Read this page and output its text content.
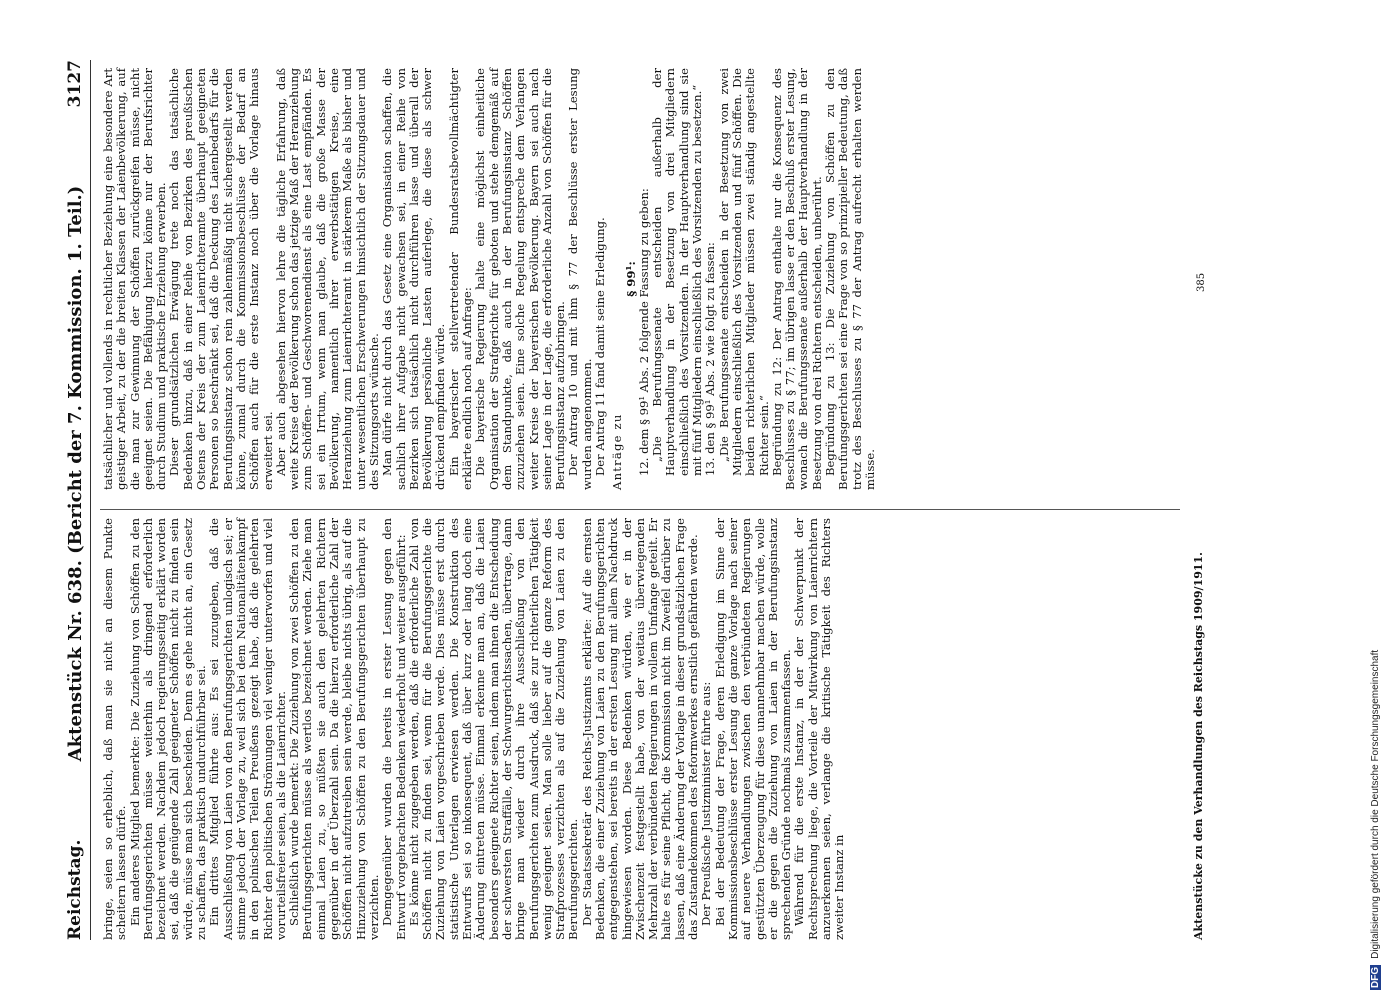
Reichstag.
Aktenstück Nr. 638. (Bericht der 7. Kommission. 1. Teil.)
3127

bringe, seien so erheblich, daß man sie nicht an diesem Punkte scheitern lassen dürfe. Ein anderes Mitglied bemerkte: Die Zuziehung von Schöffen zu den Berufungsgerichten müsse weiterhin als dringend erforderlich bezeichnet werden. Nachdem jedoch regierungsseitig erklärt worden sei, daß die genügende Zahl geeigneter Schöffen nicht zu finden sein würde, müsse man sich bescheiden. Denn es gehe nicht an, ein Gesetz zu schaffen, das praktisch undurchführbar sei. Ein drittes Mitglied führte aus: Es sei zuzugeben, daß die Ausschließung von Laien von den Berufungsgerichten unlogisch sei; er stimme jedoch der Vorlage zu, weil sich bei dem Nationalitätenkampf in den polnischen Teilen Preußens gezeigt habe, daß die gelehrten Richter den politischen Strömungen viel weniger unterworfen und viel vorurteilsfreier seien, als die Laienrichter. Schließlich wurde bemerkt: Die Zuziehung von zwei Schöffen zu den Berufungsgerichten müsse als wertlos bezeichnet werden. Ziehe man einmal Laien zu, so müßten sie auch den gelehrten Richtern gegenüber in der Überzahl sein. Da die hierzu erforderliche Zahl der Schöffen nicht aufzutreiben sein werde, bleibe nichts übrig, als auf die Hinzuziehung von Schöffen zu den Berufungsgerichten überhaupt zu verzichten. Demgegenüber wurden die bereits in erster Lesung gegen den Entwurf vorgebrachten Bedenken wiederholt und weiter ausgeführt: Es könne nicht zugegeben werden, daß die erforderliche Zahl von Schöffen nicht zu finden sei, wenn für die Berufungsgerichte die Zuziehung von Laien vorgeschrieben werde. Dies müsse erst durch statistische Unterlagen erwiesen werden. Die Konstruktion des Entwurfs sei so inkonsequent, daß über kurz oder lang doch eine Änderung eintreten müsse. Einmal erkenne man an, daß die Laien besonders geeignete Richter seien, indem man ihnen die Entscheidung der schwersten Straffälle, der Schwurgerichtssachen, übertrage, dann bringe man wieder durch ihre Ausschließung von den Berufungsgerichten zum Ausdruck, daß sie zur richterlichen Tätigkeit wenig geeignet seien. Man solle lieber auf die ganze Reform des Strafprozesses verzichten als auf die Zuziehung von Laien zu den Berufungsgerichten. Der Staatssekretär des Reichs-Justizamts erklärte: Auf die ernsten Bedenken, die einer Zuziehung von Laien zu den Berufungsgerichten entgegenstehen, sei bereits in der ersten Lesung mit allem Nachdruck hingewiesen worden. Diese Bedenken würden, wie er in der Zwischenzeit festgestellt habe, von der weitaus überwiegenden Mehrzahl der verbündeten Regierungen in vollem Umfange geteilt. Er halte es für seine Pflicht, die Kommission nicht im Zweifel darüber zu lassen, daß eine Änderung der Vorlage in dieser grundsätzlichen Frage das Zustandekommen des Reformwerkes ernstlich gefährden werde. Der Preußische Justizminister führte aus: Bei der Bedeutung der Frage, deren Erledigung im Sinne der Kommissionsbeschlüsse erster Lesung die ganze Vorlage nach seiner auf neuere Verhandlungen zwischen den verbündeten Regierungen gestützten Überzeugung für diese unannehmbar machen würde, wolle er die gegen die Zuziehung von Laien in der Berufungsinstanz sprechenden Gründe nochmals zusammenfassen. Während für die erste Instanz, in der der Schwerpunkt der Rechtsprechung liege, die Vorteile der Mitwirkung von Laienrichtern anzuerkennen seien, verlange die kritische Tätigkeit des Richters zweiter Instanz in

tatsächlicher und vollends in rechtlicher Beziehung eine besondere Art geistiger Arbeit, zu der die breiten Klassen der Laienbevölkerung, auf die man zur Gewinnung der Schöffen zurückgreifen müsse, nicht geeignet seien. Die Befähigung hierzu könne nur der Berufsrichter durch Studium und praktische Erziehung erwerben. Dieser grundsätzlichen Erwägung trete noch das tatsächliche Bedenken hinzu, daß in einer Reihe von Bezirken des preußischen Ostens der Kreis der zum Laienrichteramte überhaupt geeigneten Personen so beschränkt sei, daß die Deckung des Laienbedarfs für die Berufungsinstanz schon rein zahlenmäßig nicht sichergestellt werden könne, zumal durch die Kommissionsbeschlüsse der Bedarf an Schöffen auch für die erste Instanz noch über die Vorlage hinaus erweitert sei. Aber auch abgesehen hiervon lehre die tägliche Erfahrung, daß weite Kreise der Bevölkerung schon das jetzige Maß der Heranziehung zum Schöffen- und Geschworenendienst als eine Last empfänden. Es sei ein Irrtum, wenn man glaube, daß die große Masse der Bevölkerung, namentlich ihrer erwerbstätigen Kreise, eine Heranziehung zum Laienrichteramt in stärkerem Maße als bisher und unter wesentlichen Erschwerungen hinsichtlich der Sitzungsdauer und des Sitzungsorts wünsche. Man dürfe nicht durch das Gesetz eine Organisation schaffen, die sachlich ihrer Aufgabe nicht gewachsen sei, in einer Reihe von Bezirken sich tatsächlich nicht durchführen lasse und überall der Bevölkerung persönliche Lasten auferlege, die diese als schwer drückend empfinden würde. Ein bayerischer stellvertretender Bundesratsbevollmächtigter erklärte endlich noch auf Anfrage: Die bayerische Regierung halte eine möglichst einheitliche Organisation der Strafgerichte für geboten und stehe demgemäß auf dem Standpunkte, daß auch in der Berufungsinstanz Schöffen zuzuziehen seien. Eine solche Regelung entspreche dem Verlangen weiter Kreise der bayerischen Bevölkerung. Bayern sei auch nach seiner Lage in der Lage, die erforderliche Anzahl von Schöffen für die Berufungsinstanz aufzubringen. Der Antrag 10 und mit ihm § 77 der Beschlüsse erster Lesung wurden angenommen. Der Antrag 11 fand damit seine Erledigung. Anträge zu

§ 99¹: 12. dem § 99¹ Abs. 2 folgende Fassung zu geben: „Die Berufungssenate entscheiden außerhalb der Hauptverhandlung in der Besetzung von drei Mitgliedern einschließlich des Vorsitzenden. In der Hauptverhandlung sind sie mit fünf Mitgliedern einschließlich des Vorsitzenden zu besetzen.“ 13. den § 99¹ Abs. 2 wie folgt zu fassen: „Die Berufungssenate entscheiden in der Besetzung von zwei Mitgliedern einschließlich des Vorsitzenden und fünf Schöffen. Die beiden richterlichen Mitglieder müssen zwei ständig angestellte Richter sein.“ Begründung zu 12: Der Antrag enthalte nur die Konsequenz des Beschlusses zu § 77; im übrigen lasse er den Beschluß erster Lesung, wonach die Berufungssenate außerhalb der Hauptverhandlung in der Besetzung von drei Richtern entscheiden, unberührt. Begründung zu 13: Die Zuziehung von Schöffen zu den Berufungsgerichten sei eine Frage von so prinzipieller Bedeutung, daß trotz des Beschlusses zu § 77 der Antrag aufrecht erhalten werden müsse.

Aktenstücke zu den Verhandlungen des Reichstags 1909/1911.
385
DFGDigitalisierung gefördert durch die Deutsche Forschungsgemeinschaft
